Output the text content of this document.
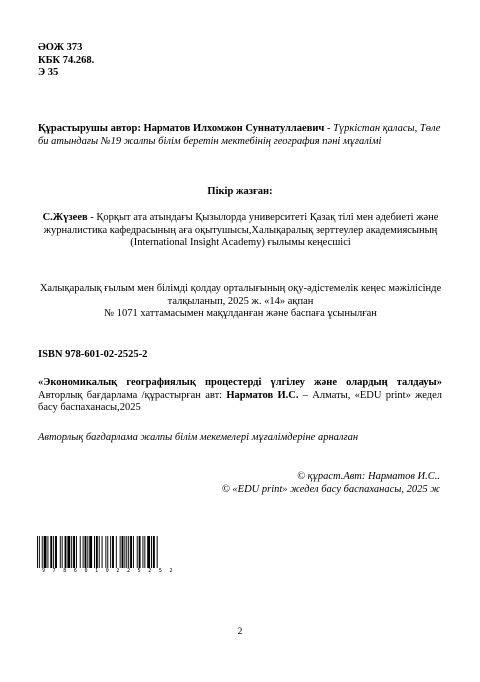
ӘОЖ 373
КБК 74.268.
Э 35
Құрастырушы автор: Нарматов Илхомжон Суннатуллаевич - Түркістан қаласы, Төле би атындағы №19 жалпы білім беретін мектебінің география пәні мұғалімі
Пікір жазған:
С.Жүзеев - Қорқыт ата атындағы Қызылорда университеті Қазақ тілі мен әдебиеті және журналистика кафедрасының аға оқытушысы,Халықаралық зерттеулер академиясының (International Insight Academy) ғылымы кеңесшісі
Халықаралық ғылым мен білімді қолдау орталығының оқу-әдістемелік кеңес мәжілісінде талқыланып, 2025 ж. «14» ақпан
№ 1071 хаттамасымен мақұлданған және баспаға ұсынылған
ISBN 978-601-02-2525-2
«Экономикалық географиялық процестерді үлгілеу және олардың талдауы» Авторлық бағдарлама /құрастырған авт: Нарматов И.С. – Алматы, «EDU print» жедел басу баспаханасы,2025
Авторлық бағдарлама жалпы білім мекемелері мұғалімдеріне арналған
© құраст.Авт: Нарматов И.С..
© «EDU print» жедел басу баспаханасы, 2025 ж
9 7 8 6 0 1 0 2 2 5 2 5 2
2
